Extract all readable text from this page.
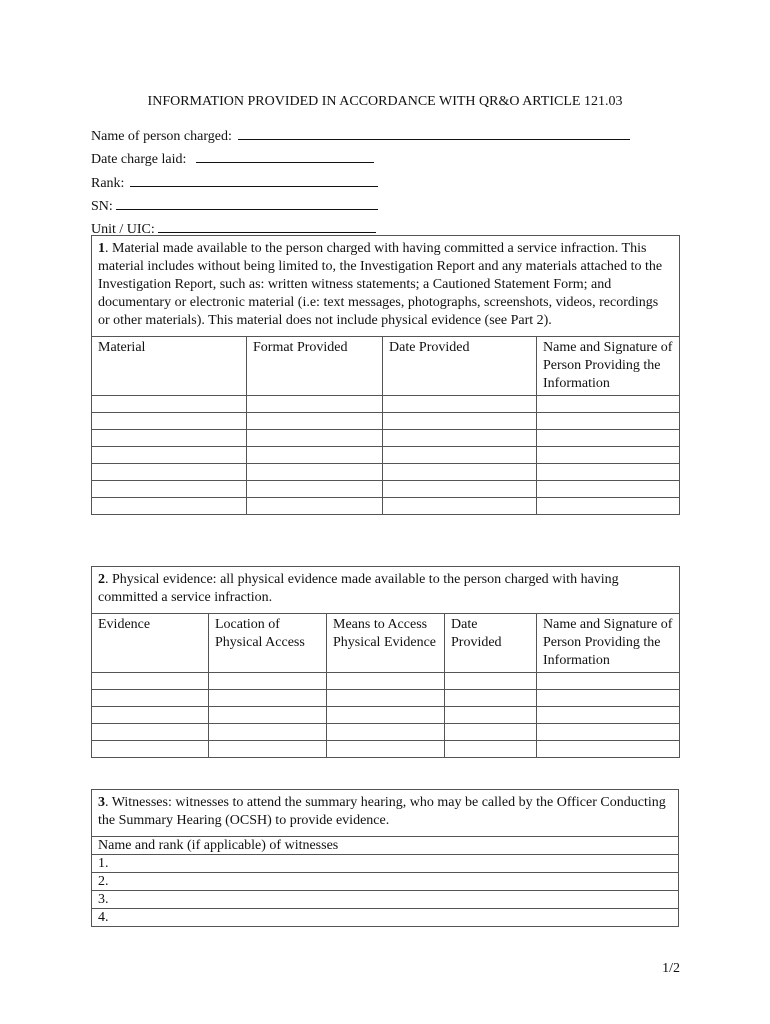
INFORMATION PROVIDED IN ACCORDANCE WITH QR&O ARTICLE 121.03
Name of person charged:
Date charge laid:
Rank:
SN:
Unit / UIC:
1. Material made available to the person charged with having committed a service infraction. This material includes without being limited to, the Investigation Report and any materials attached to the Investigation Report, such as: written witness statements; a Cautioned Statement Form; and documentary or electronic material (i.e: text messages, photographs, screenshots, videos, recordings or other materials). This material does not include physical evidence (see Part 2).			
Material	Format Provided	Date Provided	Name and Signature of Person Providing the Information

2. Physical evidence: all physical evidence made available to the person charged with having committed a service infraction.				
Evidence	Location of Physical Access	Means to Access Physical Evidence	Date Provided	Name and Signature of Person Providing the Information

3. Witnesses: witnesses to attend the summary hearing, who may be called by the Officer Conducting the Summary Hearing (OCSH) to provide evidence.
Name and rank (if applicable) of witnesses
1.
2.
3.
4.
1/2
